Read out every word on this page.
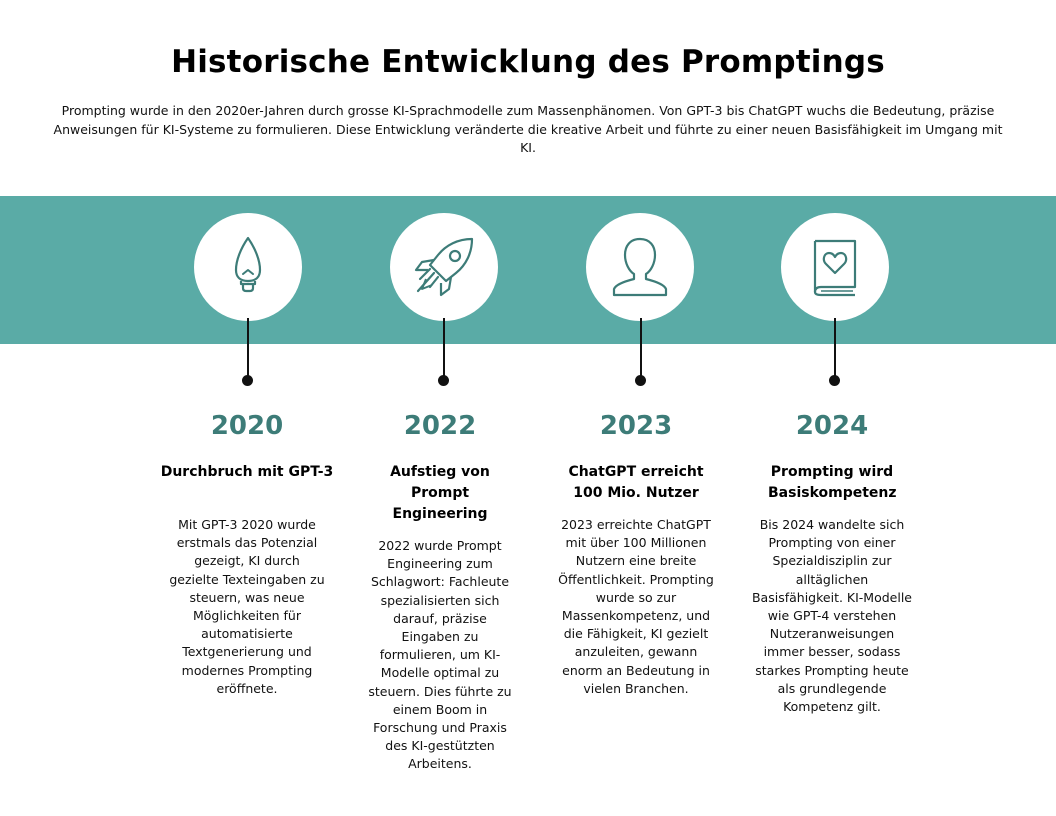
Historische Entwicklung des Promptings
Prompting wurde in den 2020er-Jahren durch grosse KI-Sprachmodelle zum Massenphänomen. Von GPT-3 bis ChatGPT wuchs die Bedeutung, präzise Anweisungen für KI-Systeme zu formulieren. Diese Entwicklung veränderte die kreative Arbeit und führte zu einer neuen Basisfähigkeit im Umgang mit KI.
2020
Durchbruch mit GPT-3
Mit GPT-3 2020 wurde erstmals das Potenzial gezeigt, KI durch gezielte Texteingaben zu steuern, was neue Möglichkeiten für automatisierte Textgenerierung und modernes Prompting eröffnete.
2022
Aufstieg von Prompt Engineering
2022 wurde Prompt Engineering zum Schlagwort: Fachleute spezialisierten sich darauf, präzise Eingaben zu formulieren, um KI-Modelle optimal zu steuern. Dies führte zu einem Boom in Forschung und Praxis des KI-gestützten Arbeitens.
2023
ChatGPT erreicht 100 Mio. Nutzer
2023 erreichte ChatGPT mit über 100 Millionen Nutzern eine breite Öffentlichkeit. Prompting wurde so zur Massenkompetenz, und die Fähigkeit, KI gezielt anzuleiten, gewann enorm an Bedeutung in vielen Branchen.
2024
Prompting wird Basiskompetenz
Bis 2024 wandelte sich Prompting von einer Spezialdisziplin zur alltäglichen Basisfähigkeit. KI-Modelle wie GPT-4 verstehen Nutzeranweisungen immer besser, sodass starkes Prompting heute als grundlegende Kompetenz gilt.
